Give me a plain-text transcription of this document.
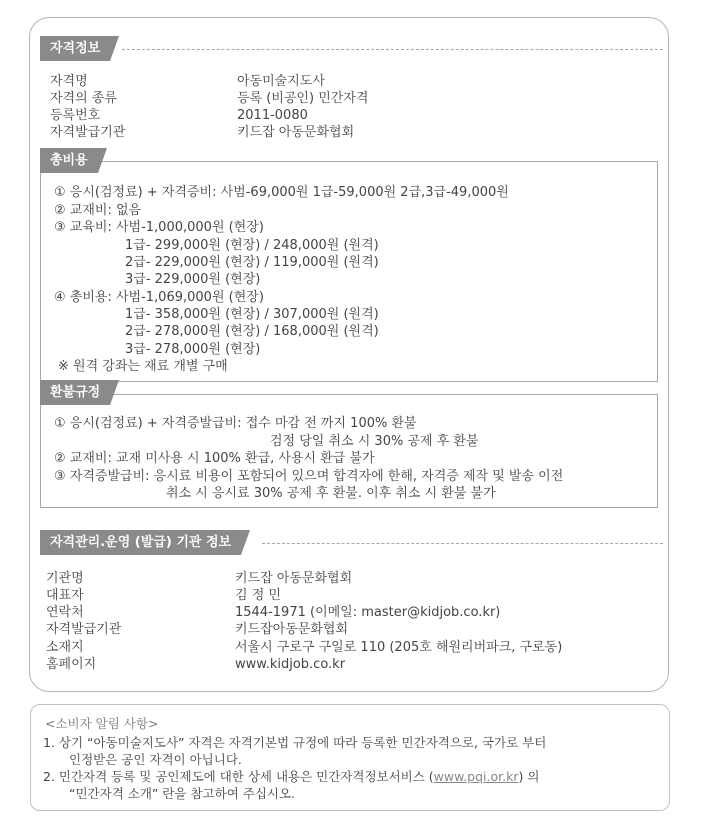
자격정보
자격명	아동미술지도사
자격의 종류	등록 (비공인) 민간자격
등록번호	2011-0080
자격발급기관	키드잡 아동문화협회
총비용
① 응시(검정료) + 자격증비: 사범-69,000원 1급-59,000원 2급,3급-49,000원
② 교재비: 없음
③ 교육비: 사범-1,000,000원 (현장)
1급- 299,000원 (현장) / 248,000원 (원격)
2급- 229,000원 (현장) / 119,000원 (원격)
3급- 229,000원 (현장)
④ 총비용: 사범-1,069,000원 (현장)
1급- 358,000원 (현장) / 307,000원 (원격)
2급- 278,000원 (현장) / 168,000원 (원격)
3급- 278,000원 (현장)
※ 원격 강좌는 재료 개별 구매
환불규정
① 응시(검정료) + 자격증발급비: 접수 마감 전 까지 100% 환불
검정 당일 취소 시 30% 공제 후 환불
② 교재비: 교재 미사용 시 100% 환급, 사용시 환급 불가
③ 자격증발급비: 응시료 비용이 포함되어 있으며 합격자에 한해, 자격증 제작 및 발송 이전
취소 시 응시료 30% 공제 후 환불. 이후 취소 시 환불 불가
자격관리.운영 (발급) 기관 정보
기관명	키드잡 아동문화협회
대표자	김 정 민
연락처	1544-1971 (이메일: master@kidjob.co.kr)
자격발급기관	키드잡아동문화협회
소재지	서울시 구로구 구일로 110 (205호 해원리버파크, 구로동)
홈페이지	www.kidjob.co.kr
<소비자 알림 사항>
1. 상기 “아동미술지도사” 자격은 자격기본법 규정에 따라 등록한 민간자격으로, 국가로 부터
인정받은 공인 자격이 아닙니다.
2. 민간자격 등록 및 공인제도에 대한 상세 내용은 민간자격정보서비스 (www.pqi.or.kr) 의
“민간자격 소개” 란을 참고하여 주십시오.
